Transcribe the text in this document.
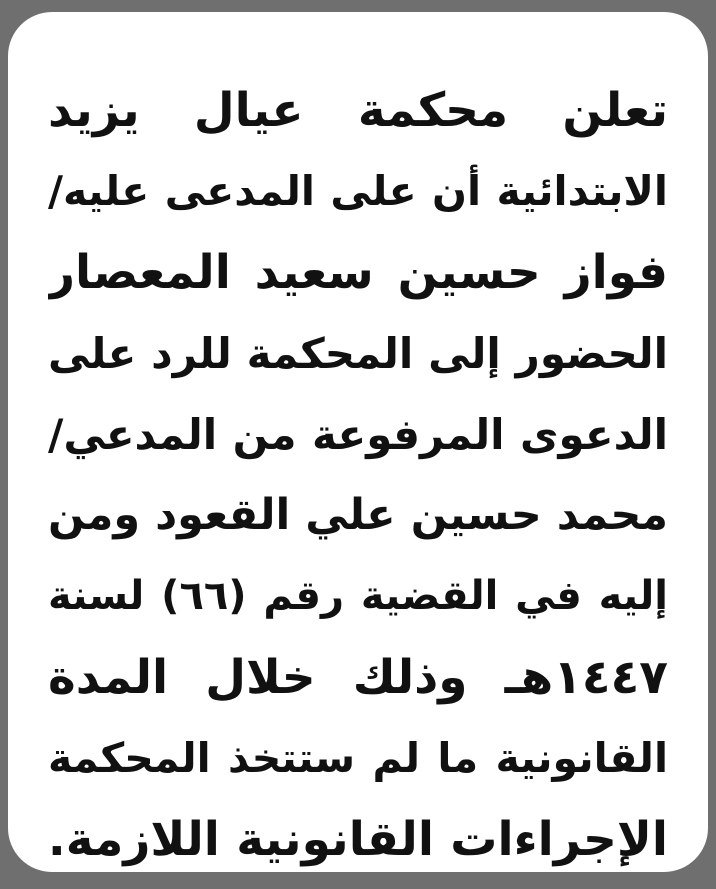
تعلن محكمة عيال يزيد
الابتدائية أن على المدعى عليه/
فواز حسين سعيد المعصار
الحضور إلى المحكمة للرد على
الدعوى المرفوعة من المدعي/
محمد حسين علي القعود ومن
إليه في القضية رقم (٦٦) لسنة
١٤٤٧هـ وذلك خلال المدة
القانونية ما لم ستتخذ المحكمة
الإجراءات القانونية اللازمة.
